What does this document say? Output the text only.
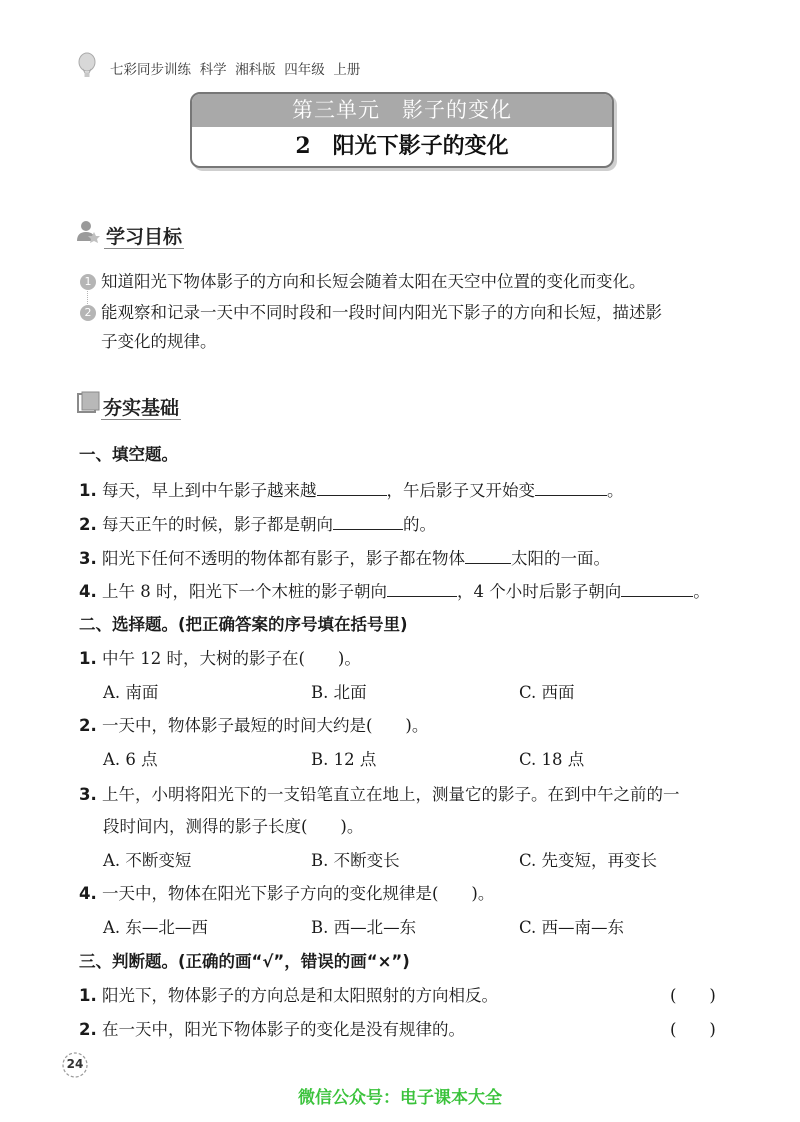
七彩同步训练 科学 湘科版 四年级 上册
第三单元　影子的变化
2　阳光下影子的变化
学习目标
1
2
知道阳光下物体影子的方向和长短会随着太阳在天空中位置的变化而变化。
能观察和记录一天中不同时段和一段时间内阳光下影子的方向和长短，描述影
子变化的规律。
夯实基础
一、填空题。
1. 每天，早上到中午影子越来越	，午后影子又开始变	。
2. 每天正午的时候，影子都是朝向	的。
3. 阳光下任何不透明的物体都有影子，影子都在物体	太阳的一面。
4. 上午 8 时，阳光下一个木桩的影子朝向	，4 个小时后影子朝向	。
二、选择题。(把正确答案的序号填在括号里)
1. 中午 12 时，大树的影子在(　　)。
A. 南面	B. 北面	C. 西面
2. 一天中，物体影子最短的时间大约是(　　)。
A. 6 点	B. 12 点	C. 18 点
3. 上午，小明将阳光下的一支铅笔直立在地上，测量它的影子。在到中午之前的一
段时间内，测得的影子长度(　　)。
A. 不断变短	B. 不断变长	C. 先变短，再变长
4. 一天中，物体在阳光下影子方向的变化规律是(　　)。
A. 东—北—西	B. 西—北—东	C. 西—南—东
三、判断题。(正确的画“√”，错误的画“×”)
1. 阳光下，物体影子的方向总是和太阳照射的方向相反。	(　　)
2. 在一天中，阳光下物体影子的变化是没有规律的。	(　　)
24
微信公众号：电子课本大全
